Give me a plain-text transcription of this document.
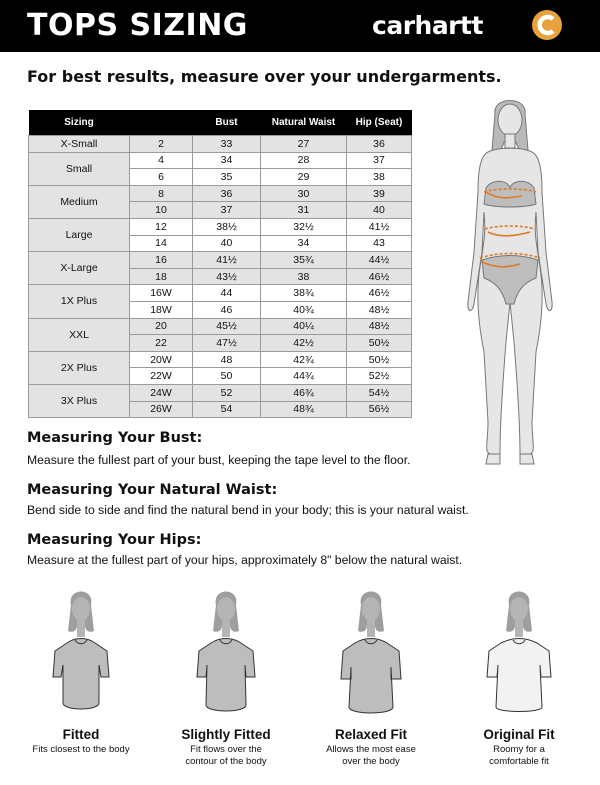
TOPS SIZING	carhartt
For best results, measure over your undergarments.
Sizing		Bust	Natural Waist	Hip (Seat)
X-Small	2	33	27	36
Small	4	34	28	37
	6	35	29	38
Medium	8	36	30	39
	10	37	31	40
Large	12	38½	32½	41½
	14	40	34	43
X-Large	16	41½	35¾	44½
	18	43½	38	46½
1X Plus	16W	44	38¾	46½
	18W	46	40¾	48½
XXL	20	45½	40¼	48½
	22	47½	42½	50½
2X Plus	20W	48	42¾	50½
	22W	50	44¾	52½
3X Plus	24W	52	46¾	54½
	26W	54	48¾	56½
Measuring Your Bust:
Measure the fullest part of your bust, keeping the tape level to the floor.
Measuring Your Natural Waist:
Bend side to side and find the natural bend in your body; this is your natural waist.
Measuring Your Hips:
Measure at the fullest part of your hips, approximately 8" below the natural waist.
Fitted
Fits closest to the body
Slightly Fitted
Fit flows over the
contour of the body
Relaxed Fit
Allows the most ease
over the body
Original Fit
Roomy for a
comfortable fit
